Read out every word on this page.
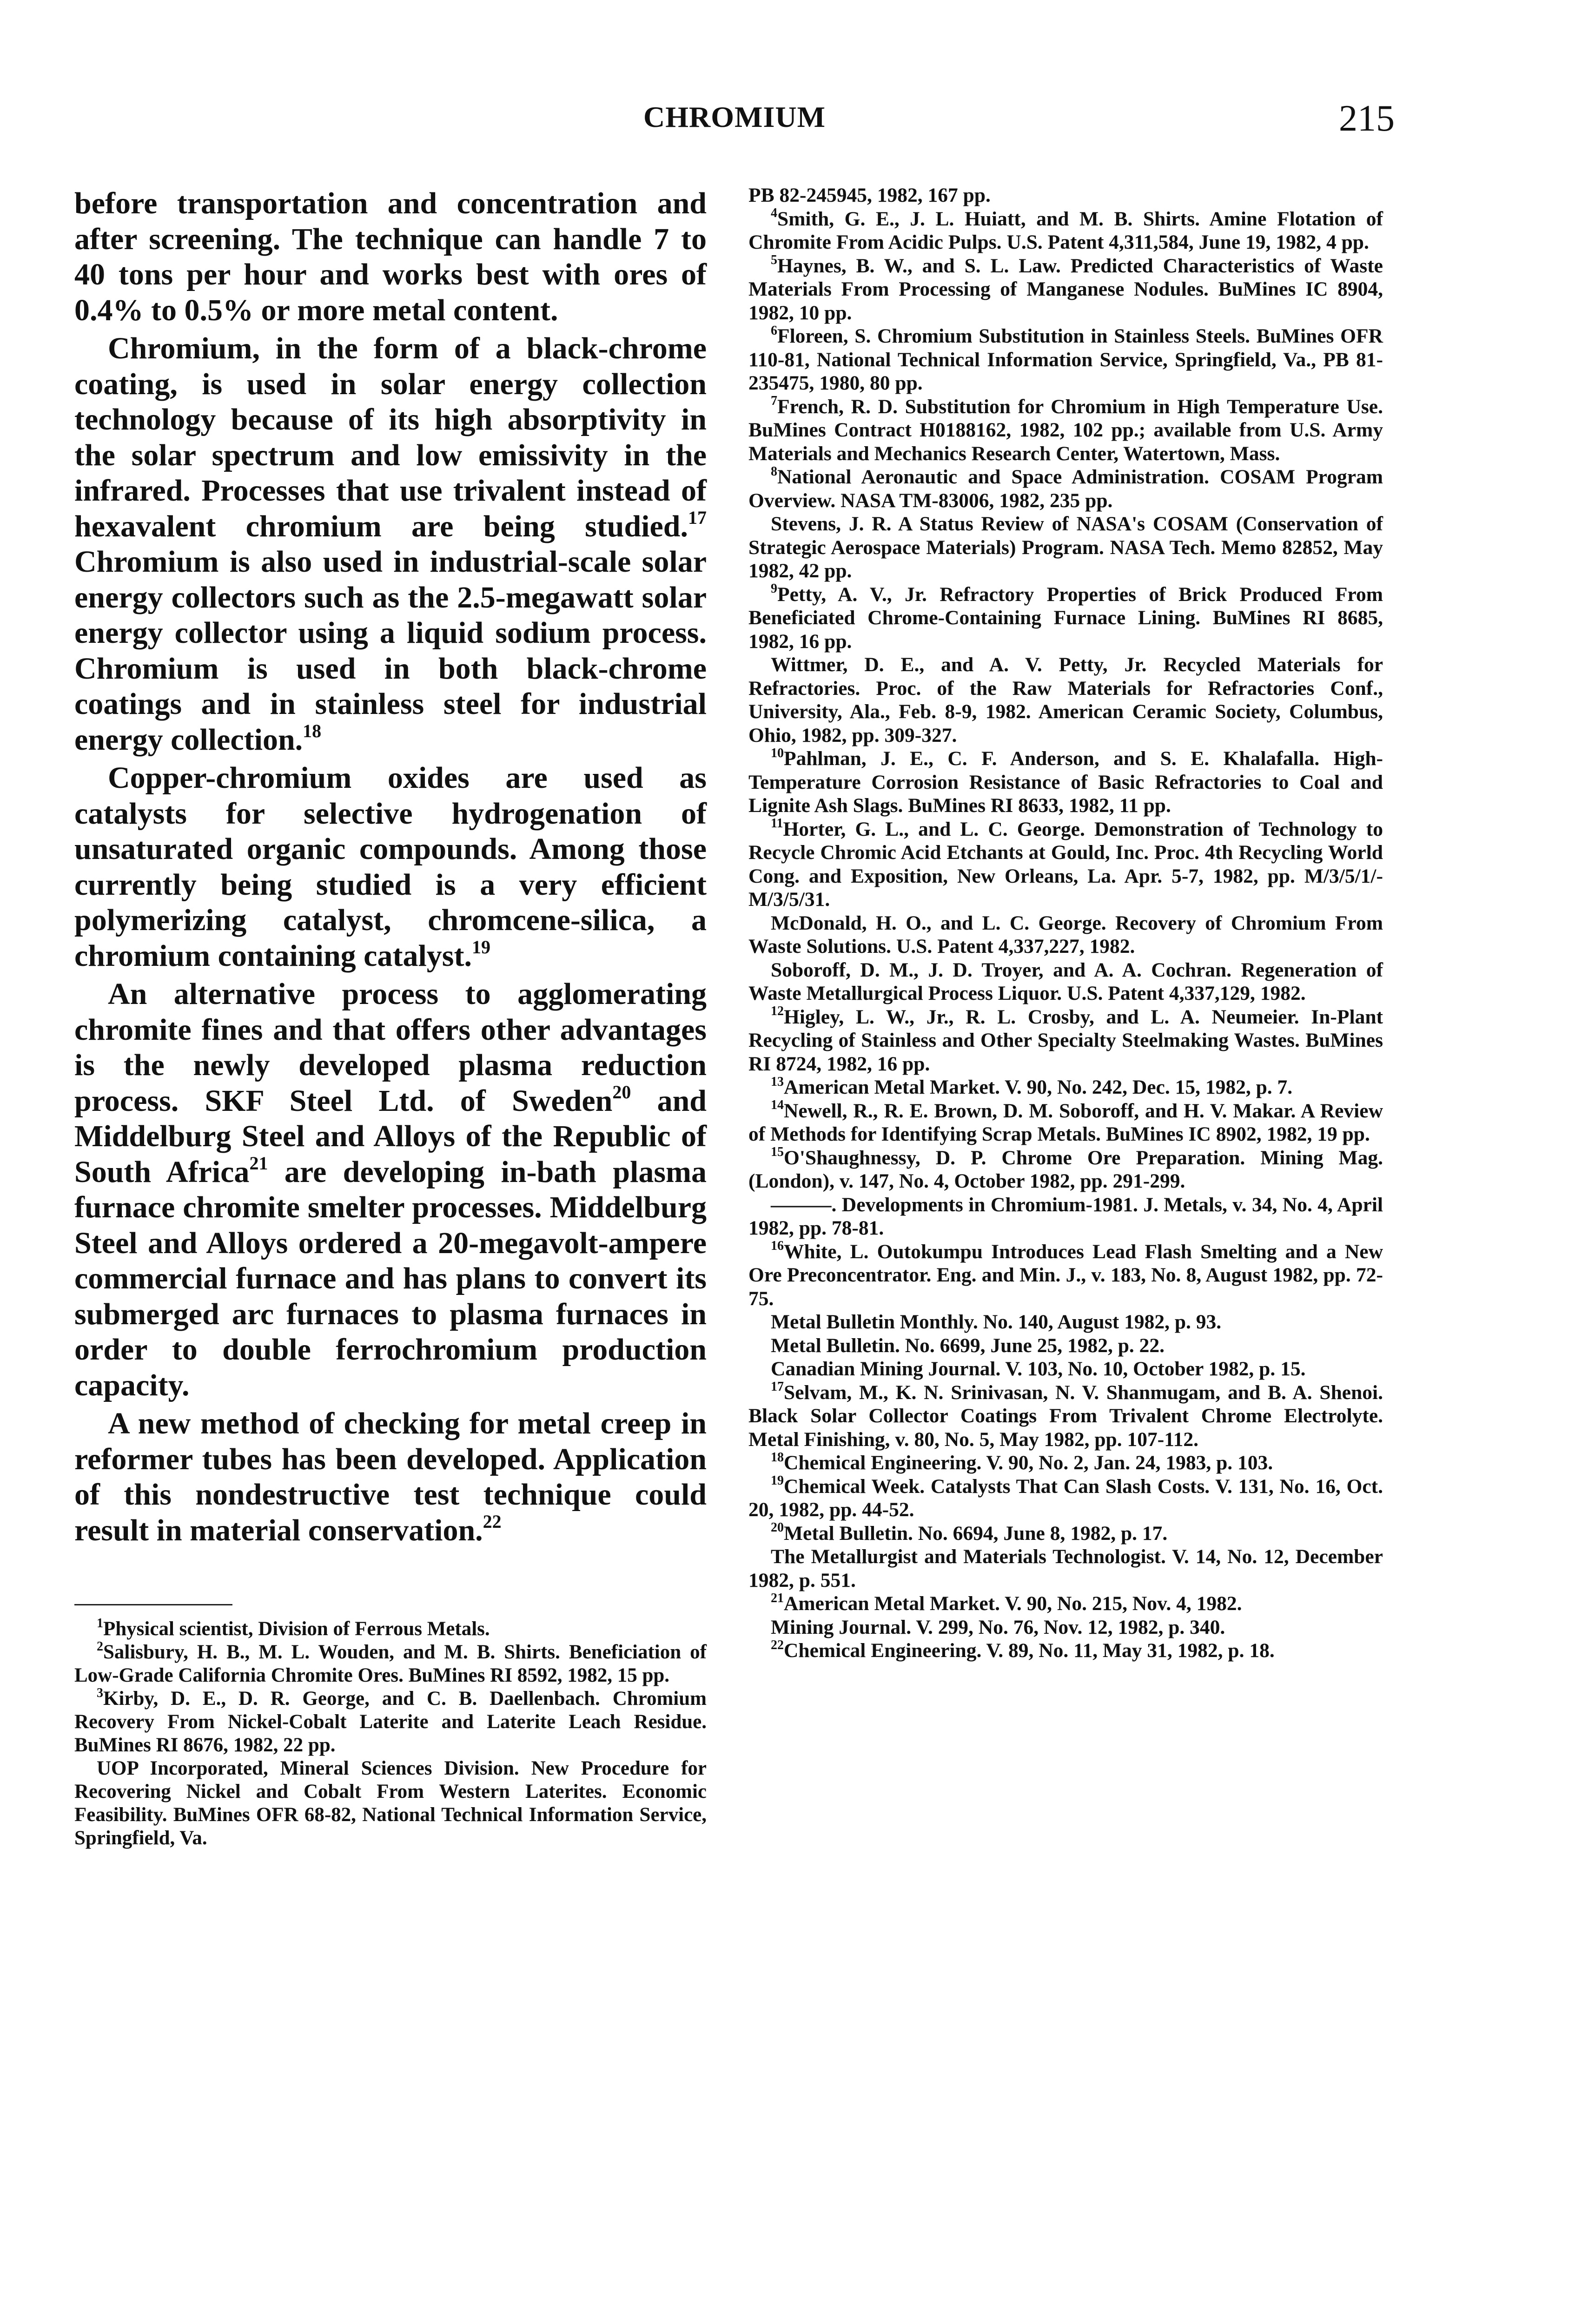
CHROMIUM	215

before transportation and concentration and after screening. The technique can handle 7 to 40 tons per hour and works best with ores of 0.4% to 0.5% or more metal content.

Chromium, in the form of a black-chrome coating, is used in solar energy collection technology because of its high absorptivity in the solar spectrum and low emissivity in the infrared. Processes that use trivalent instead of hexavalent chromium are being studied.$^{17}$ Chromium is also used in industrial-scale solar energy collectors such as the 2.5-megawatt solar energy collector using a liquid sodium process. Chromium is used in both black-chrome coatings and in stainless steel for industrial energy collection.$^{18}$

Copper-chromium oxides are used as catalysts for selective hydrogenation of unsaturated organic compounds. Among those currently being studied is a very efficient polymerizing catalyst, chromcene-silica, a chromium containing catalyst.$^{19}$

An alternative process to agglomerating chromite fines and that offers other advantages is the newly developed plasma reduction process. SKF Steel Ltd. of Sweden$^{20}$ and Middelburg Steel and Alloys of the Republic of South Africa$^{21}$ are developing in-bath plasma furnace chromite smelter processes. Middelburg Steel and Alloys ordered a 20-megavolt-ampere commercial furnace and has plans to convert its submerged arc furnaces to plasma furnaces in order to double ferrochromium production capacity.

A new method of checking for metal creep in reformer tubes has been developed. Application of this nondestructive test technique could result in material conservation.$^{22}$

$^1$Physical scientist, Division of Ferrous Metals.

$^2$Salisbury, H. B., M. L. Wouden, and M. B. Shirts. Beneficiation of Low-Grade California Chromite Ores. BuMines RI 8592, 1982, 15 pp.

$^3$Kirby, D. E., D. R. George, and C. B. Daellenbach. Chromium Recovery From Nickel-Cobalt Laterite and Laterite Leach Residue. BuMines RI 8676, 1982, 22 pp.

UOP Incorporated, Mineral Sciences Division. New Procedure for Recovering Nickel and Cobalt From Western Laterites. Economic Feasibility. BuMines OFR 68-82, National Technical Information Service, Springfield, Va.

PB 82-245945, 1982, 167 pp.

$^4$Smith, G. E., J. L. Huiatt, and M. B. Shirts. Amine Flotation of Chromite From Acidic Pulps. U.S. Patent 4,311,584, June 19, 1982, 4 pp.

$^5$Haynes, B. W., and S. L. Law. Predicted Characteristics of Waste Materials From Processing of Manganese Nodules. BuMines IC 8904, 1982, 10 pp.

$^6$Floreen, S. Chromium Substitution in Stainless Steels. BuMines OFR 110-81, National Technical Information Service, Springfield, Va., PB 81-235475, 1980, 80 pp.

$^7$French, R. D. Substitution for Chromium in High Temperature Use. BuMines Contract H0188162, 1982, 102 pp.; available from U.S. Army Materials and Mechanics Research Center, Watertown, Mass.

$^8$National Aeronautic and Space Administration. COSAM Program Overview. NASA TM-83006, 1982, 235 pp.

Stevens, J. R. A Status Review of NASA's COSAM (Conservation of Strategic Aerospace Materials) Program. NASA Tech. Memo 82852, May 1982, 42 pp.

$^9$Petty, A. V., Jr. Refractory Properties of Brick Produced From Beneficiated Chrome-Containing Furnace Lining. BuMines RI 8685, 1982, 16 pp.

Wittmer, D. E., and A. V. Petty, Jr. Recycled Materials for Refractories. Proc. of the Raw Materials for Refractories Conf., University, Ala., Feb. 8-9, 1982. American Ceramic Society, Columbus, Ohio, 1982, pp. 309-327.

$^{10}$Pahlman, J. E., C. F. Anderson, and S. E. Khalafalla. High-Temperature Corrosion Resistance of Basic Refractories to Coal and Lignite Ash Slags. BuMines RI 8633, 1982, 11 pp.

$^{11}$Horter, G. L., and L. C. George. Demonstration of Technology to Recycle Chromic Acid Etchants at Gould, Inc. Proc. 4th Recycling World Cong. and Exposition, New Orleans, La. Apr. 5-7, 1982, pp. M/3/5/1/-M/3/5/31.

McDonald, H. O., and L. C. George. Recovery of Chromium From Waste Solutions. U.S. Patent 4,337,227, 1982.

Soboroff, D. M., J. D. Troyer, and A. A. Cochran. Regeneration of Waste Metallurgical Process Liquor. U.S. Patent 4,337,129, 1982.

$^{12}$Higley, L. W., Jr., R. L. Crosby, and L. A. Neumeier. In-Plant Recycling of Stainless and Other Specialty Steelmaking Wastes. BuMines RI 8724, 1982, 16 pp.

$^{13}$American Metal Market. V. 90, No. 242, Dec. 15, 1982, p. 7.

$^{14}$Newell, R., R. E. Brown, D. M. Soboroff, and H. V. Makar. A Review of Methods for Identifying Scrap Metals. BuMines IC 8902, 1982, 19 pp.

$^{15}$O'Shaughnessy, D. P. Chrome Ore Preparation. Mining Mag. (London), v. 147, No. 4, October 1982, pp. 291-299.

———. Developments in Chromium-1981. J. Metals, v. 34, No. 4, April 1982, pp. 78-81.

$^{16}$White, L. Outokumpu Introduces Lead Flash Smelting and a New Ore Preconcentrator. Eng. and Min. J., v. 183, No. 8, August 1982, pp. 72-75.

Metal Bulletin Monthly. No. 140, August 1982, p. 93.

Metal Bulletin. No. 6699, June 25, 1982, p. 22.

Canadian Mining Journal. V. 103, No. 10, October 1982, p. 15.

$^{17}$Selvam, M., K. N. Srinivasan, N. V. Shanmugam, and B. A. Shenoi. Black Solar Collector Coatings From Trivalent Chrome Electrolyte. Metal Finishing, v. 80, No. 5, May 1982, pp. 107-112.

$^{18}$Chemical Engineering. V. 90, No. 2, Jan. 24, 1983, p. 103.

$^{19}$Chemical Week. Catalysts That Can Slash Costs. V. 131, No. 16, Oct. 20, 1982, pp. 44-52.

$^{20}$Metal Bulletin. No. 6694, June 8, 1982, p. 17.

The Metallurgist and Materials Technologist. V. 14, No. 12, December 1982, p. 551.

$^{21}$American Metal Market. V. 90, No. 215, Nov. 4, 1982.

Mining Journal. V. 299, No. 76, Nov. 12, 1982, p. 340.

$^{22}$Chemical Engineering. V. 89, No. 11, May 31, 1982, p. 18.
